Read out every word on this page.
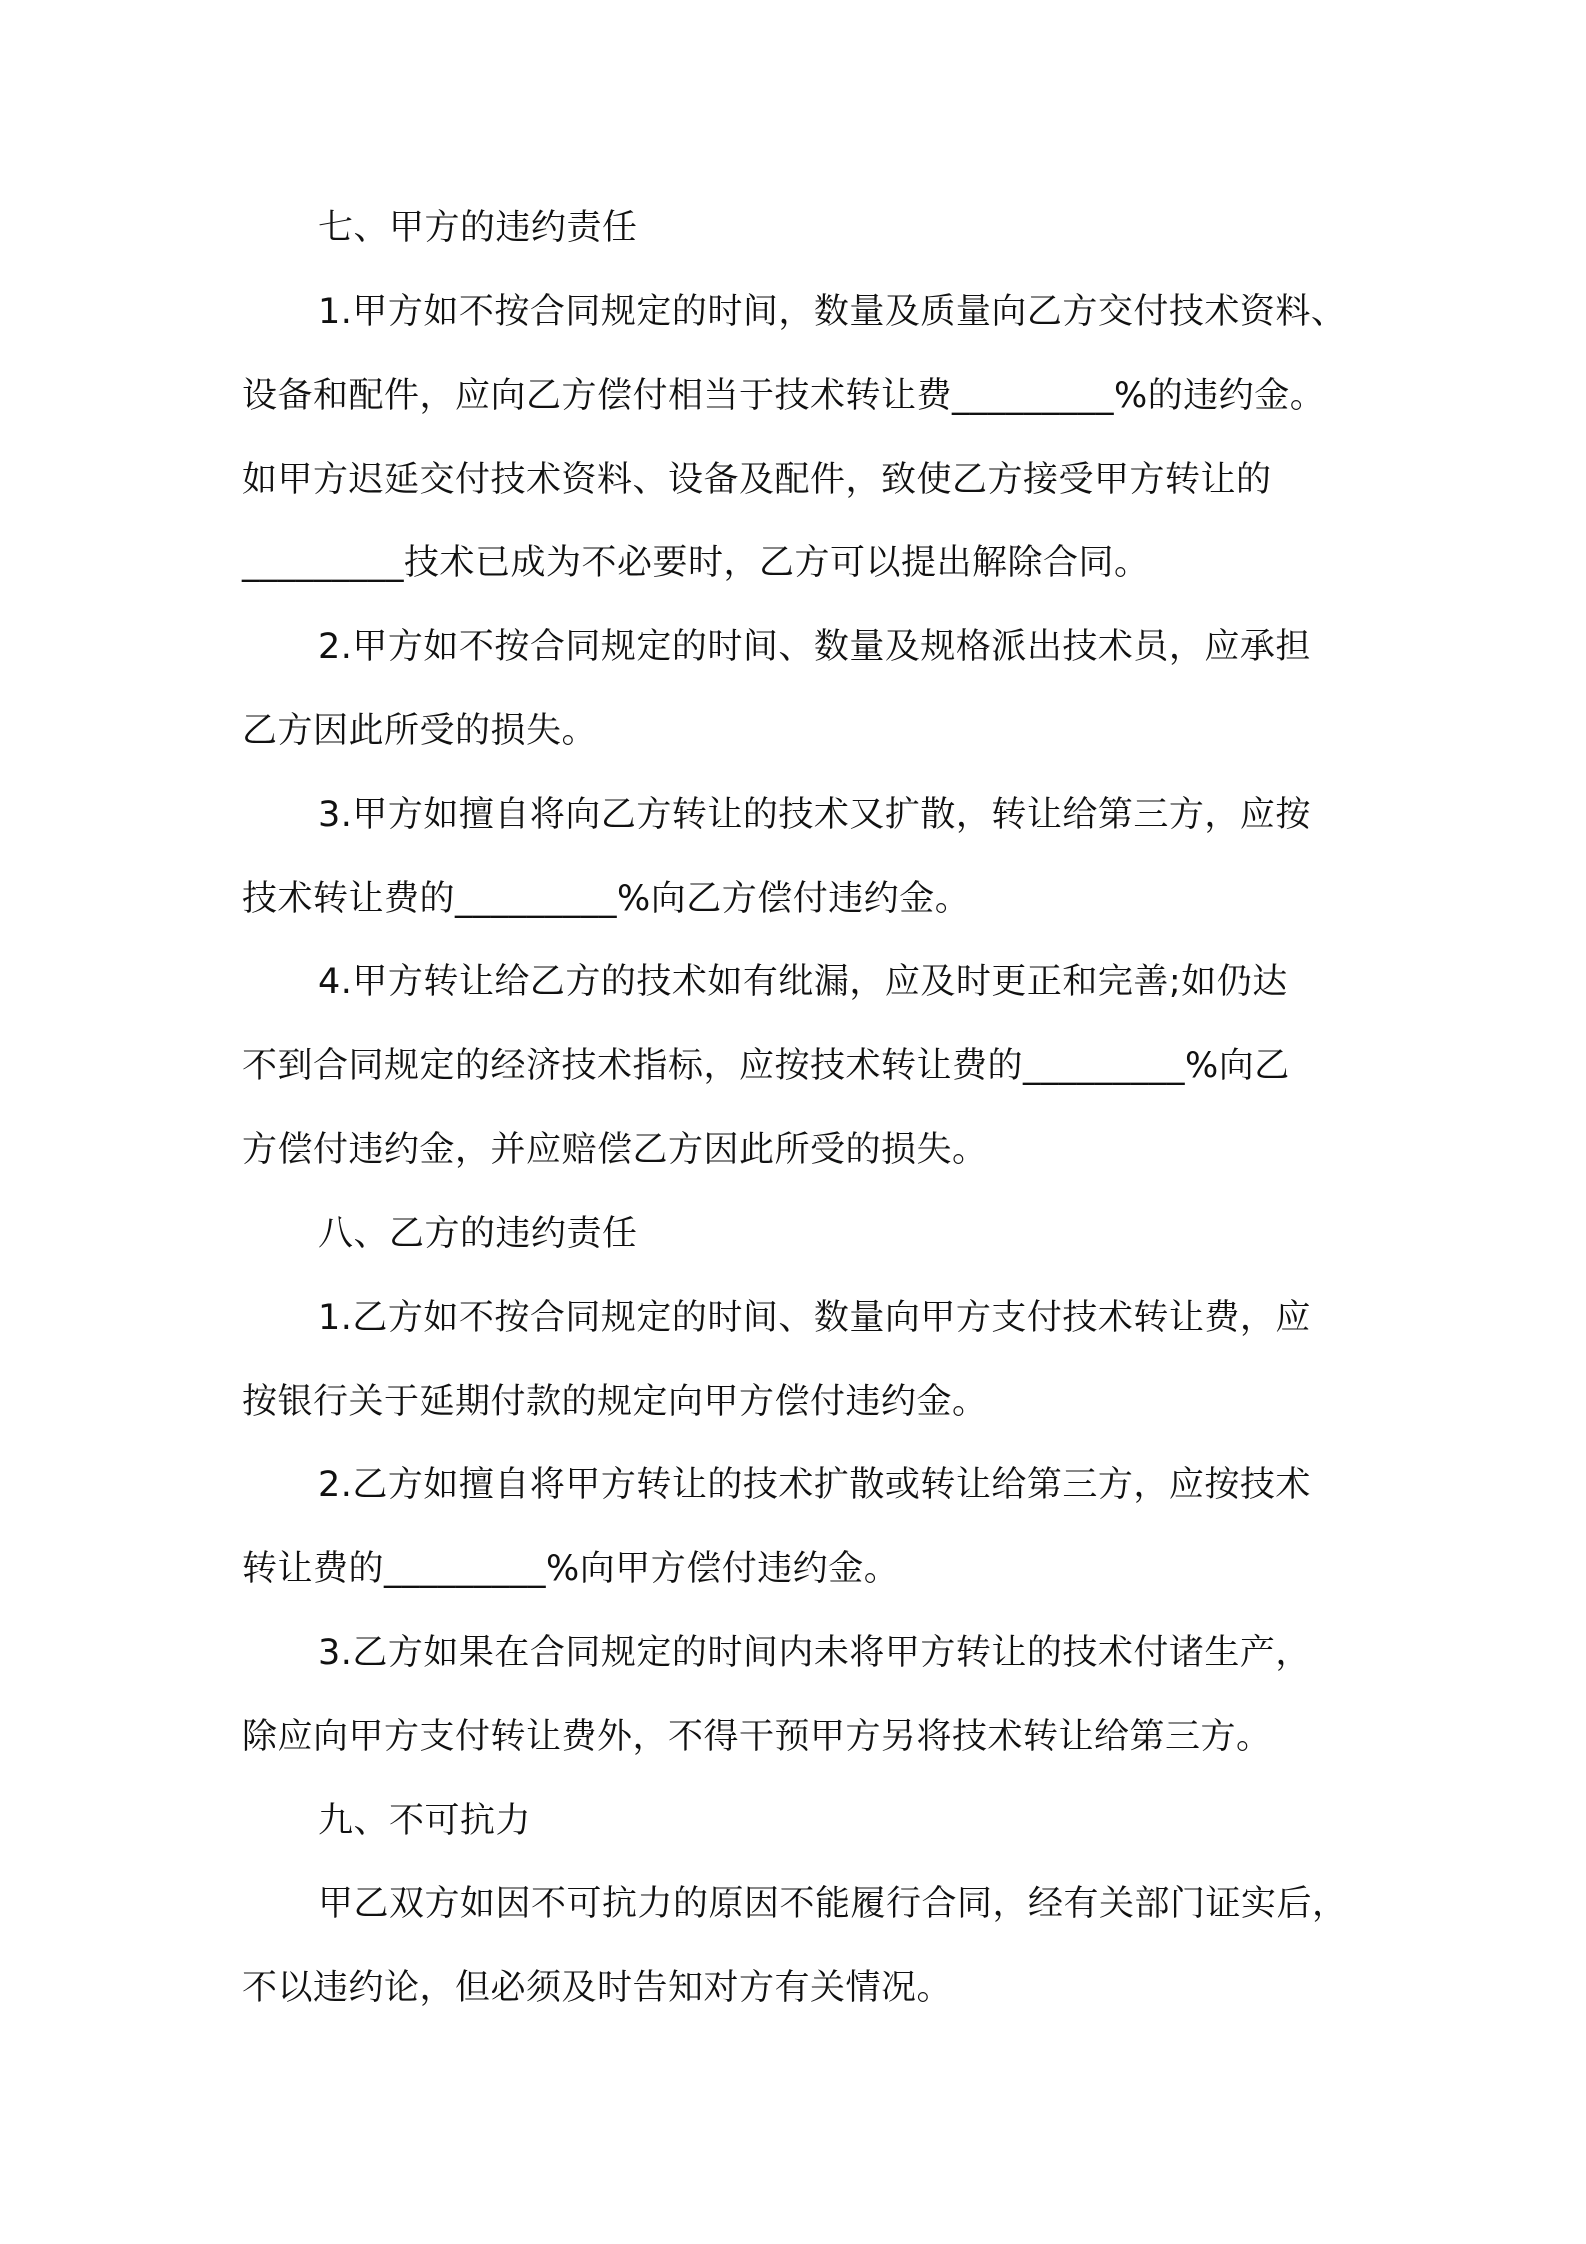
七、甲方的违约责任
1.甲方如不按合同规定的时间，数量及质量向乙方交付技术资料、
设备和配件，应向乙方偿付相当于技术转让费_________%的违约金。
如甲方迟延交付技术资料、设备及配件，致使乙方接受甲方转让的
_________技术已成为不必要时，乙方可以提出解除合同。
2.甲方如不按合同规定的时间、数量及规格派出技术员，应承担
乙方因此所受的损失。
3.甲方如擅自将向乙方转让的技术又扩散，转让给第三方，应按
技术转让费的_________%向乙方偿付违约金。
4.甲方转让给乙方的技术如有纰漏，应及时更正和完善;如仍达
不到合同规定的经济技术指标，应按技术转让费的_________%向乙
方偿付违约金，并应赔偿乙方因此所受的损失。
八、乙方的违约责任
1.乙方如不按合同规定的时间、数量向甲方支付技术转让费，应
按银行关于延期付款的规定向甲方偿付违约金。
2.乙方如擅自将甲方转让的技术扩散或转让给第三方，应按技术
转让费的_________%向甲方偿付违约金。
3.乙方如果在合同规定的时间内未将甲方转让的技术付诸生产，
除应向甲方支付转让费外，不得干预甲方另将技术转让给第三方。
九、不可抗力
甲乙双方如因不可抗力的原因不能履行合同，经有关部门证实后，
不以违约论，但必须及时告知对方有关情况。
